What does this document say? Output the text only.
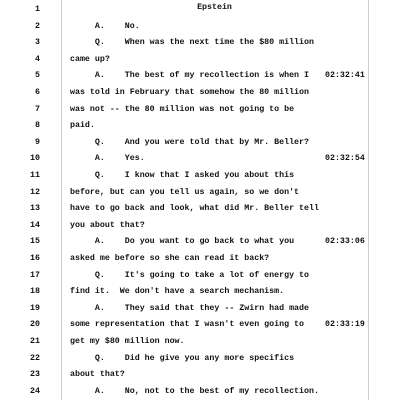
Epstein
1
2	A.    No.
3	Q.    When was the next time the $80 million
4	came up?
5	A.    The best of my recollection is when I 02:32:41
6	was told in February that somehow the 80 million
7	was not -- the 80 million was not going to be
8	paid.
9	Q.    And you were told that by Mr. Beller?
10	A.    Yes.	02:32:54
11	Q.    I know that I asked you about this
12	before, but can you tell us again, so we don't
13	have to go back and look, what did Mr. Beller tell
14	you about that?
15	A.    Do you want to go back to what you	02:33:06
16	asked me before so she can read it back?
17	Q.    It's going to take a lot of energy to
18	find it.  We don't have a search mechanism.
19	A.    They said that they -- Zwirn had made
20	some representation that I wasn't even going to	02:33:19
21	get my $80 million now.
22	Q.    Did he give you any more specifics
23	about that?
24	A.    No, not to the best of my recollection.
